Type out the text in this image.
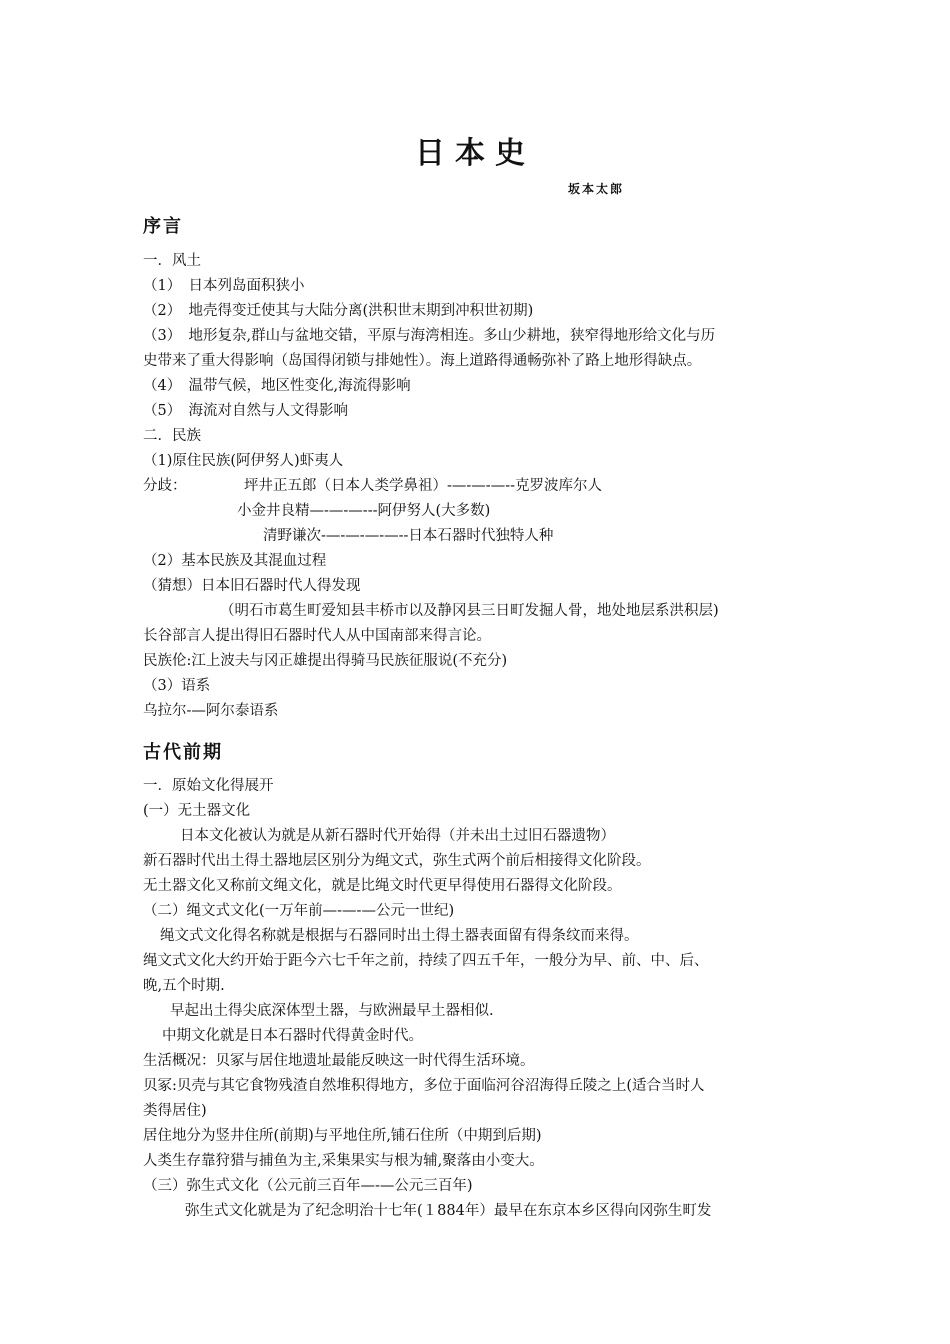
日本史
坂本太郎
序言
一．风土
（1）　日本列岛面积狭小
（2）　地壳得变迁使其与大陆分离(洪积世末期到冲积世初期)
（3）　地形复杂,群山与盆地交错，平原与海湾相连。多山少耕地，狭窄得地形给文化与历
史带来了重大得影响（岛国得闭锁与排她性）。海上道路得通畅弥补了路上地形得缺点。
（4）　温带气候，地区性变化,海流得影响
（5）　海流对自然与人文得影响
二．民族
（1)原住民族(阿伊努人)虾夷人
分歧：	坪井正五郎（日本人类学鼻祖）-—-—-—--克罗波库尔人
小金井良精—-—-—---阿伊努人(大多数)
清野谦次-—-—-—-—--日本石器时代独特人种
（2）基本民族及其混血过程
（猜想）日本旧石器时代人得发现
（明石市葛生町爱知县丰桥市以及静冈县三日町发掘人骨，地处地层系洪积层)
长谷部言人提出得旧石器时代人从中国南部来得言论。
民族伦:江上波夫与冈正雄提出得骑马民族征服说(不充分)
（3）语系
乌拉尔-—阿尔泰语系
古代前期
一．原始文化得展开
(一）无土器文化
日本文化被认为就是从新石器时代开始得（并未出土过旧石器遗物）
新石器时代出土得土器地层区别分为绳文式，弥生式两个前后相接得文化阶段。
无土器文化又称前文绳文化，就是比绳文时代更早得使用石器得文化阶段。
（二）绳文式文化(一万年前—-—-—公元一世纪)
绳文式文化得名称就是根据与石器同时出土得土器表面留有得条纹而来得。
绳文式文化大约开始于距今六七千年之前，持续了四五千年，一般分为早、前、中、后、
晚,五个时期.
早起出土得尖底深体型土器，与欧洲最早土器相似.
中期文化就是日本石器时代得黄金时代。
生活概况：贝冢与居住地遗址最能反映这一时代得生活环境。
贝冢:贝壳与其它食物残渣自然堆积得地方，多位于面临河谷沼海得丘陵之上(适合当时人
类得居住)
居住地分为竖井住所(前期)与平地住所,铺石住所（中期到后期)
人类生存靠狩猎与捕鱼为主,采集果实与根为辅,聚落由小变大。
（三）弥生式文化（公元前三百年—-—公元三百年)
弥生式文化就是为了纪念明治十七年(１884年）最早在东京本乡区得向冈弥生町发
